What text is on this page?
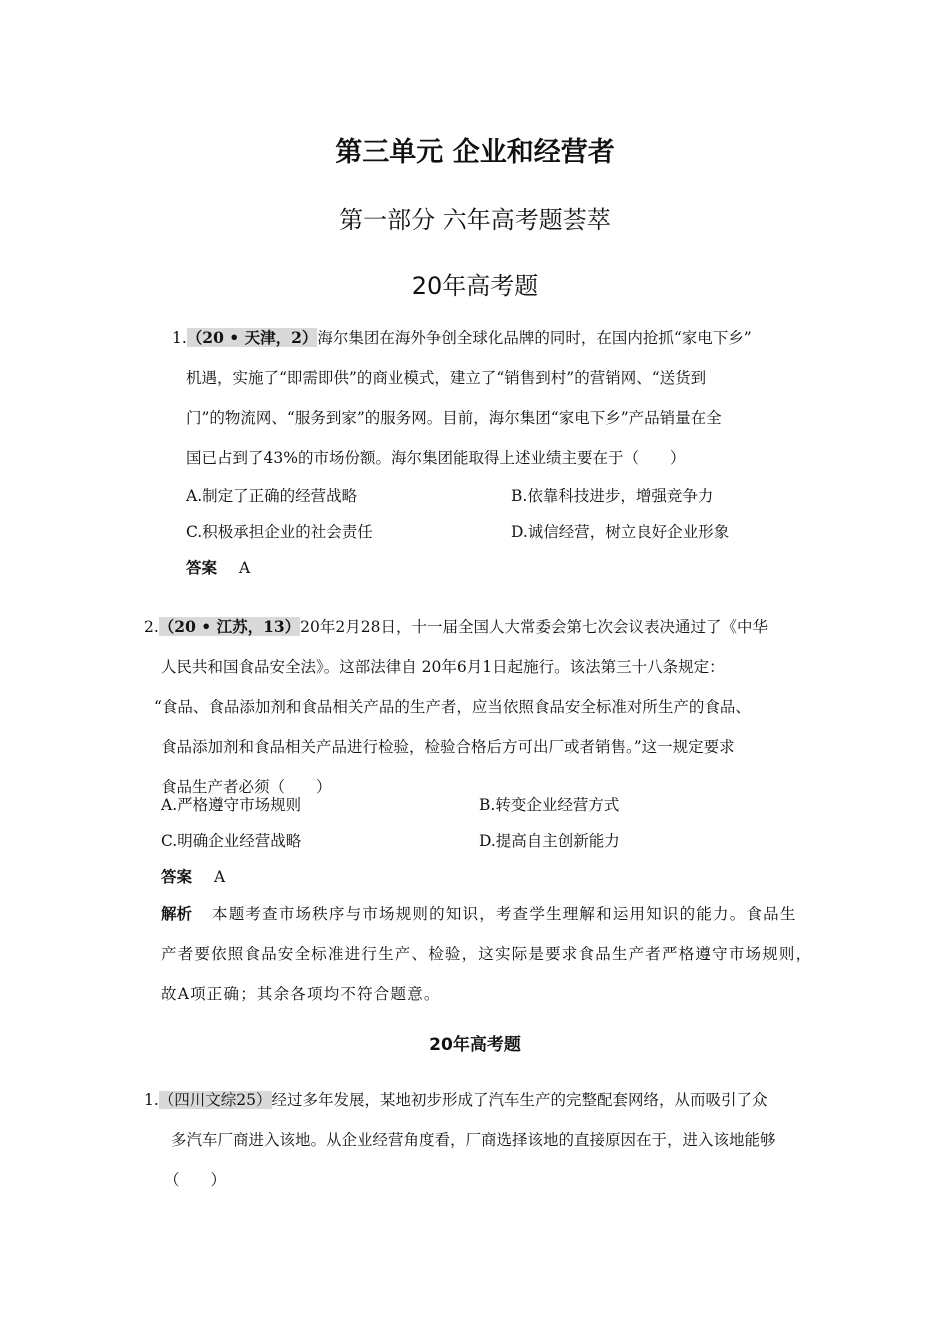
第三单元 企业和经营者
第一部分 六年高考题荟萃
20年高考题

1.（20 • 天津，2）海尔集团在海外争创全球化品牌的同时，在国内抢抓“家电下乡”

机遇，实施了“即需即供”的商业模式，建立了“销售到村”的营销网、“送货到

门”的物流网、“服务到家”的服务网。目前，海尔集团“家电下乡”产品销量在全

国已占到了43%的市场份额。海尔集团能取得上述业绩主要在于（　　）

A.制定了正确的经营战略	B.依靠科技进步，增强竞争力
C.积极承担企业的社会责任	D.诚信经营，树立良好企业形象
答案 A

2.（20 • 江苏，13）20年2月28日，十一届全国人大常委会第七次会议表决通过了《中华

人民共和国食品安全法》。这部法律自 20年6月1日起施行。该法第三十八条规定：

“食品、食品添加剂和食品相关产品的生产者，应当依照食品安全标准对所生产的食品、

食品添加剂和食品相关产品进行检验，检验合格后方可出厂或者销售。”这一规定要求

食品生产者必须（　　）

A.严格遵守市场规则	B.转变企业经营方式
C.明确企业经营战略	D.提高自主创新能力
答案 A
解析 本题考查市场秩序与市场规则的知识，考查学生理解和运用知识的能力。食品生
产者要依照食品安全标准进行生产、检验，这实际是要求食品生产者严格遵守市场规则，
故A项正确；其余各项均不符合题意。
20年高考题

1.（四川文综25）经过多年发展，某地初步形成了汽车生产的完整配套网络，从而吸引了众

多汽车厂商进入该地。从企业经营角度看，厂商选择该地的直接原因在于，进入该地能够

（　　）
